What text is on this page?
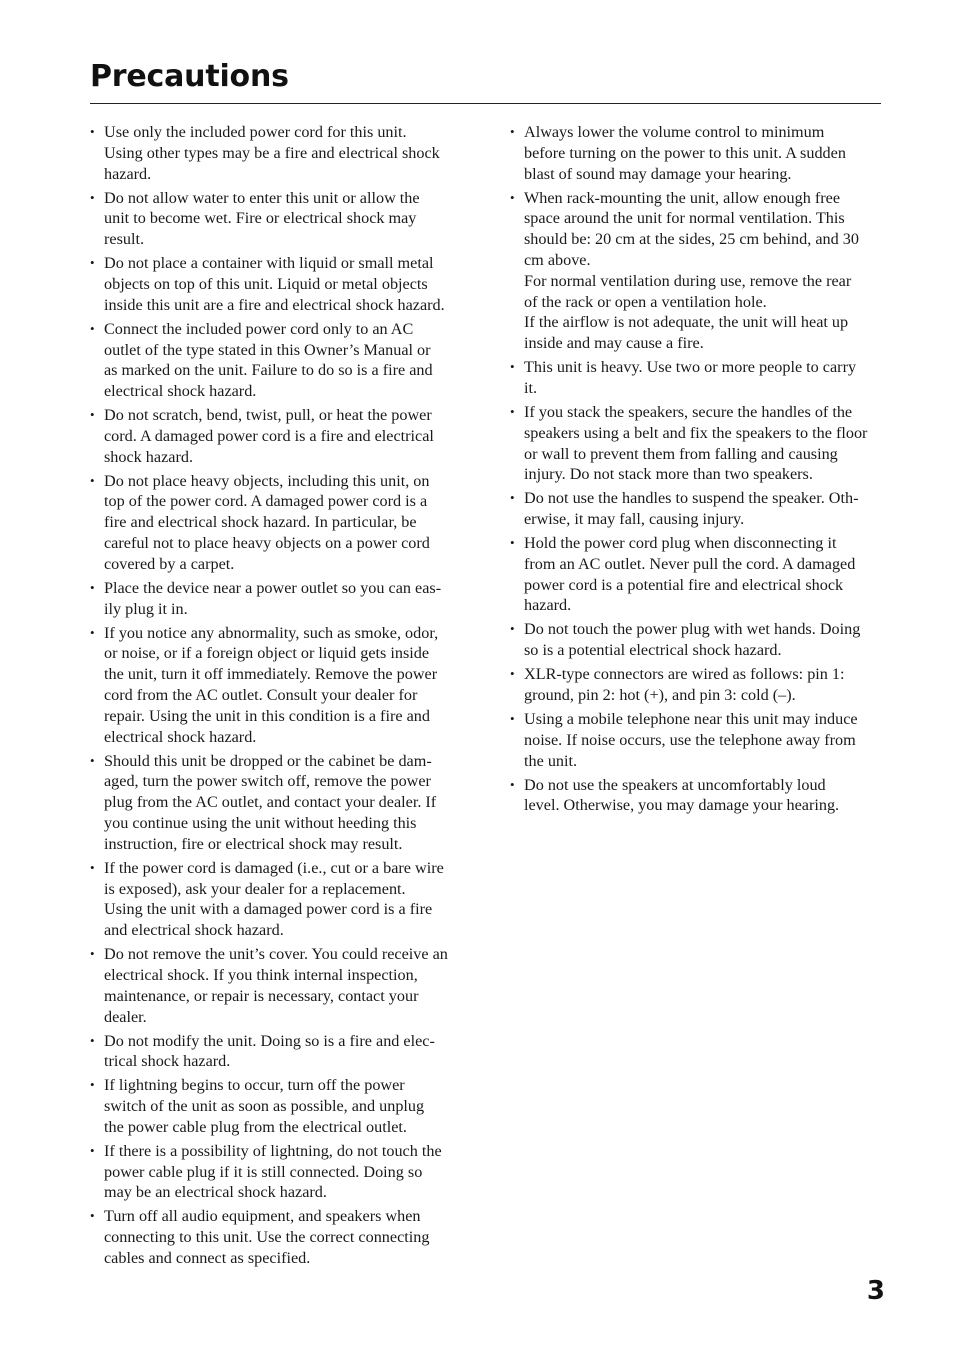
Precautions
• Use only the included power cord for this unit.
Using other types may be a fire and electrical shock
hazard.
• Do not allow water to enter this unit or allow the
unit to become wet. Fire or electrical shock may
result.
• Do not place a container with liquid or small metal
objects on top of this unit. Liquid or metal objects
inside this unit are a fire and electrical shock hazard.
• Connect the included power cord only to an AC
outlet of the type stated in this Owner’s Manual or
as marked on the unit. Failure to do so is a fire and
electrical shock hazard.
• Do not scratch, bend, twist, pull, or heat the power
cord. A damaged power cord is a fire and electrical
shock hazard.
• Do not place heavy objects, including this unit, on
top of the power cord. A damaged power cord is a
fire and electrical shock hazard. In particular, be
careful not to place heavy objects on a power cord
covered by a carpet.
• Place the device near a power outlet so you can eas-
ily plug it in.
• If you notice any abnormality, such as smoke, odor,
or noise, or if a foreign object or liquid gets inside
the unit, turn it off immediately. Remove the power
cord from the AC outlet. Consult your dealer for
repair. Using the unit in this condition is a fire and
electrical shock hazard.
• Should this unit be dropped or the cabinet be dam-
aged, turn the power switch off, remove the power
plug from the AC outlet, and contact your dealer. If
you continue using the unit without heeding this
instruction, fire or electrical shock may result.
• If the power cord is damaged (i.e., cut or a bare wire
is exposed), ask your dealer for a replacement.
Using the unit with a damaged power cord is a fire
and electrical shock hazard.
• Do not remove the unit’s cover. You could receive an
electrical shock. If you think internal inspection,
maintenance, or repair is necessary, contact your
dealer.
• Do not modify the unit. Doing so is a fire and elec-
trical shock hazard.
• If lightning begins to occur, turn off the power
switch of the unit as soon as possible, and unplug
the power cable plug from the electrical outlet.
• If there is a possibility of lightning, do not touch the
power cable plug if it is still connected. Doing so
may be an electrical shock hazard.
• Turn off all audio equipment, and speakers when
connecting to this unit. Use the correct connecting
cables and connect as specified.
• Always lower the volume control to minimum
before turning on the power to this unit. A sudden
blast of sound may damage your hearing.
• When rack-mounting the unit, allow enough free
space around the unit for normal ventilation. This
should be: 20 cm at the sides, 25 cm behind, and 30
cm above.
For normal ventilation during use, remove the rear
of the rack or open a ventilation hole.
If the airflow is not adequate, the unit will heat up
inside and may cause a fire.
• This unit is heavy. Use two or more people to carry
it.
• If you stack the speakers, secure the handles of the
speakers using a belt and fix the speakers to the floor
or wall to prevent them from falling and causing
injury. Do not stack more than two speakers.
• Do not use the handles to suspend the speaker. Oth-
erwise, it may fall, causing injury.
• Hold the power cord plug when disconnecting it
from an AC outlet. Never pull the cord. A damaged
power cord is a potential fire and electrical shock
hazard.
• Do not touch the power plug with wet hands. Doing
so is a potential electrical shock hazard.
• XLR-type connectors are wired as follows: pin 1:
ground, pin 2: hot (+), and pin 3: cold (–).
• Using a mobile telephone near this unit may induce
noise. If noise occurs, use the telephone away from
the unit.
• Do not use the speakers at uncomfortably loud
level. Otherwise, you may damage your hearing.
3
